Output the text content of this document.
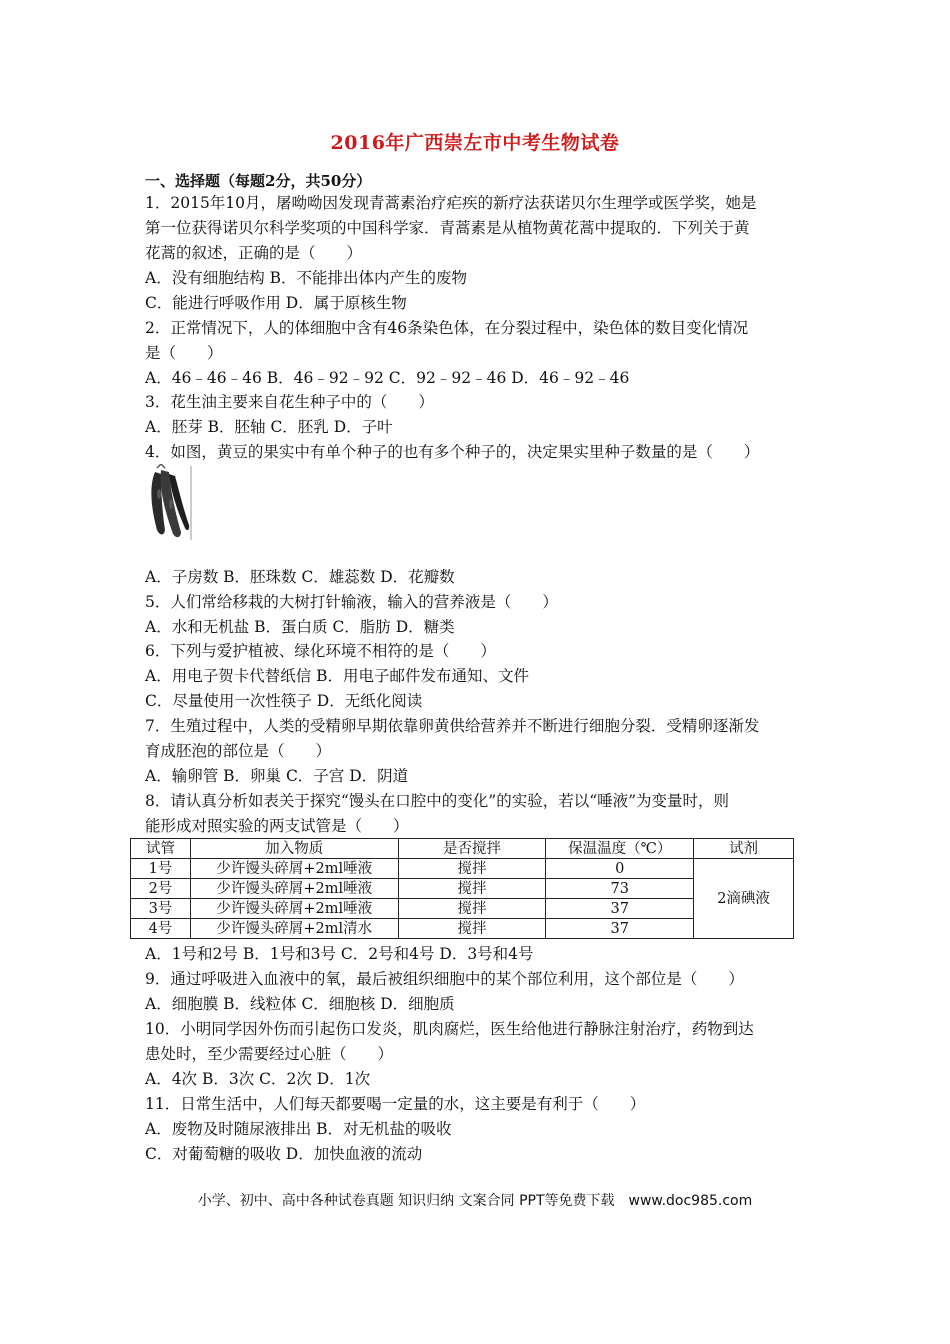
2016年广西崇左市中考生物试卷
一、选择题（每题2分，共50分）
1．2015年10月，屠呦呦因发现青蒿素治疗疟疾的新疗法获诺贝尔生理学或医学奖，她是
第一位获得诺贝尔科学奖项的中国科学家．青蒿素是从植物黄花蒿中提取的．下列关于黄
花蒿的叙述，正确的是（　　）
A．没有细胞结构 B．不能排出体内产生的废物
C．能进行呼吸作用 D．属于原核生物
2．正常情况下，人的体细胞中含有46条染色体，在分裂过程中，染色体的数目变化情况
是（　　）
A．46﹣46﹣46 B．46﹣92﹣92 C．92﹣92﹣46 D．46﹣92﹣46
3．花生油主要来自花生种子中的（　　）
A．胚芽 B．胚轴 C．胚乳 D．子叶
4．如图，黄豆的果实中有单个种子的也有多个种子的，决定果实里种子数量的是（　　）
A．子房数 B．胚珠数 C．雄蕊数 D．花瓣数
5．人们常给移栽的大树打针输液，输入的营养液是（　　）
A．水和无机盐 B．蛋白质 C．脂肪 D．糖类
6．下列与爱护植被、绿化环境不相符的是（　　）
A．用电子贺卡代替纸信 B．用电子邮件发布通知、文件
C．尽量使用一次性筷子 D．无纸化阅读
7．生殖过程中，人类的受精卵早期依靠卵黄供给营养并不断进行细胞分裂．受精卵逐渐发
育成胚泡的部位是（　　）
A．输卵管 B．卵巢 C．子宫 D．阴道
8．请认真分析如表关于探究“馒头在口腔中的变化”的实验，若以“唾液”为变量时，则
能形成对照实验的两支试管是（　　）
试管	加入物质	是否搅拌	保温温度（℃）	试剂
1号	少许馒头碎屑+2ml唾液	搅拌	0	2滴碘液
2号	少许馒头碎屑+2ml唾液	搅拌	73	
3号	少许馒头碎屑+2ml唾液	搅拌	37	
4号	少许馒头碎屑+2ml清水	搅拌	37	
A．1号和2号 B．1号和3号 C．2号和4号 D．3号和4号
9．通过呼吸进入血液中的氧，最后被组织细胞中的某个部位利用，这个部位是（　　）
A．细胞膜 B．线粒体 C．细胞核 D．细胞质
10．小明同学因外伤而引起伤口发炎，肌肉腐烂，医生给他进行静脉注射治疗，药物到达
患处时，至少需要经过心脏（　　）
A．4次 B．3次 C．2次 D．1次
11．日常生活中，人们每天都要喝一定量的水，这主要是有利于（　　）
A．废物及时随尿液排出 B．对无机盐的吸收
C．对葡萄糖的吸收 D．加快血液的流动
小学、初中、高中各种试卷真题 知识归纳 文案合同 PPT等免费下载　www.doc985.com
